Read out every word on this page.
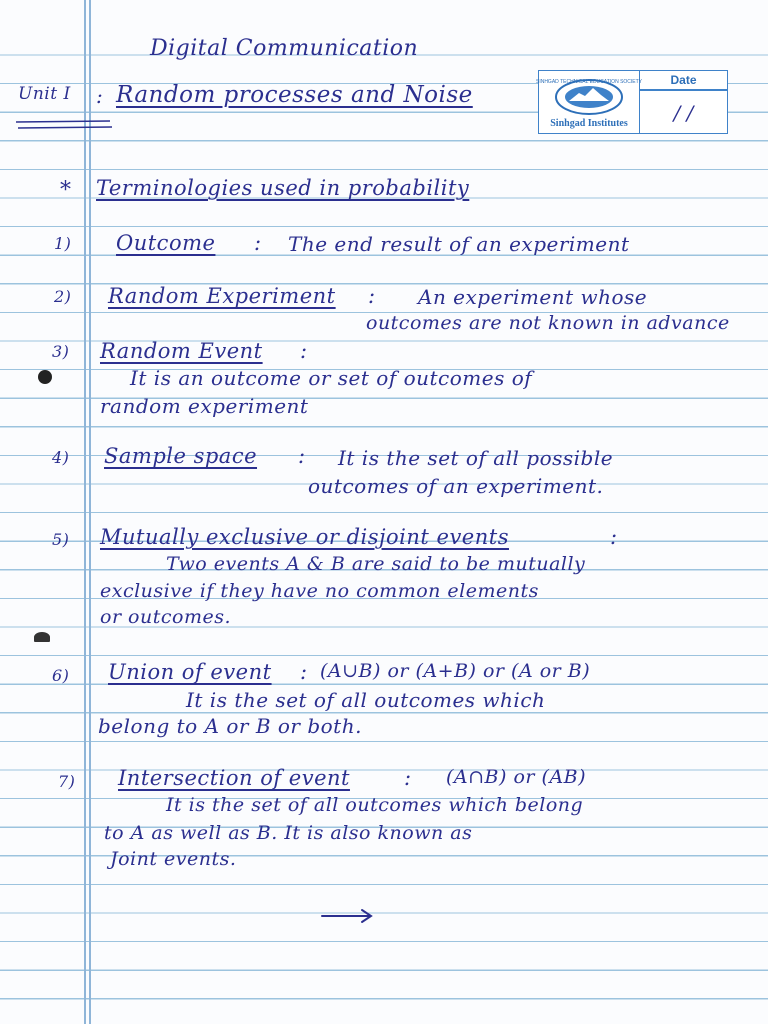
Digital Communication
Unit I : Random processes and Noise	SINHGAD TECHNICAL EDUCATION SOCIETY
Sinhgad Institutes
Date
/ /
* Terminologies used in probability
1) Outcome : The end result of an experiment
2) Random Experiment : An experiment whose
outcomes are not known in advance
3) Random Event :
It is an outcome or set of outcomes of
random experiment
4) Sample space : It is the set of all possible
outcomes of an experiment.
5) Mutually exclusive or disjoint events	:
Two events A & B are said to be mutually
exclusive if they have no common elements
or outcomes.
6) Union of event : (A∪B) or (A+B) or (A or B)
It is the set of all outcomes which
belong to A or B or both.
7) Intersection of event	: (A∩B) or (AB)
It is the set of all outcomes which belong
to A as well as B. It is also known as
Joint events.
